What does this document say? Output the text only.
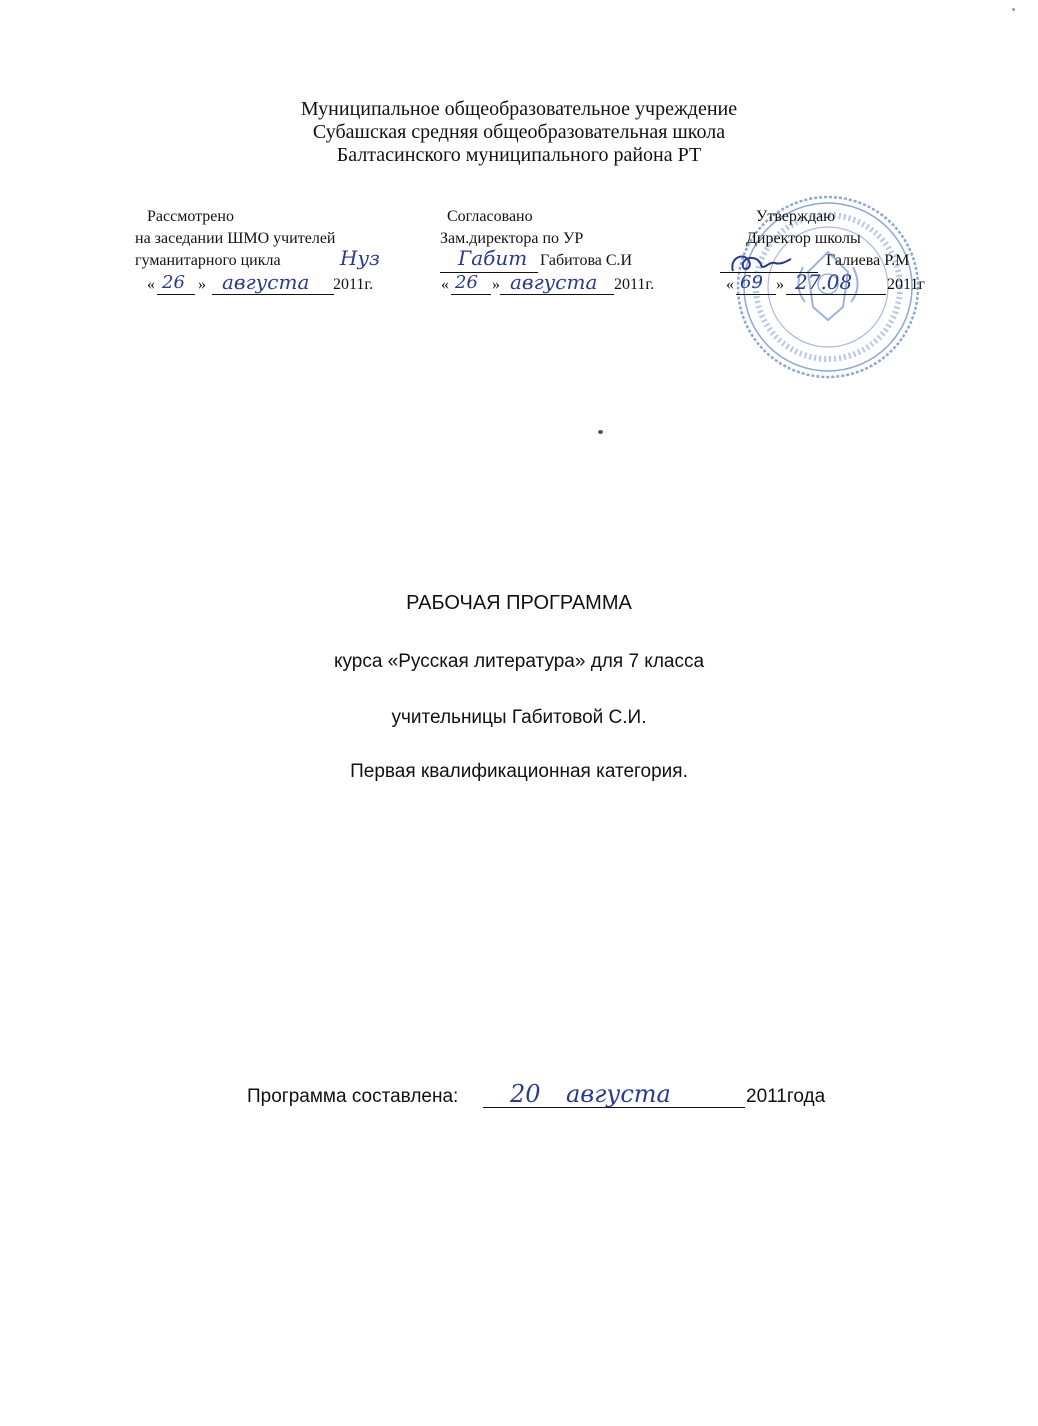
Муниципальное общеобразовательное учреждение
Субашская средняя общеобразовательная школа
Балтасинского муниципального района РТ
Рассмотрено
на заседании ШМО учителей
гуманитарного цикла	Нуз
« 26 » августа 2011г.
Согласовано
Зам.директора по УР
Габит Габитова С.И
« 26 » августа 2011г.
Утверждаю
Директор школы
Галиева Р.М
« 69 » 27.08 2011г
РАБОЧАЯ ПРОГРАММА
курса «Русская литература» для 7 класса
учительницы Габитовой С.И.
Первая квалификационная категория.
Программа составлена: 20 августа	2011года
